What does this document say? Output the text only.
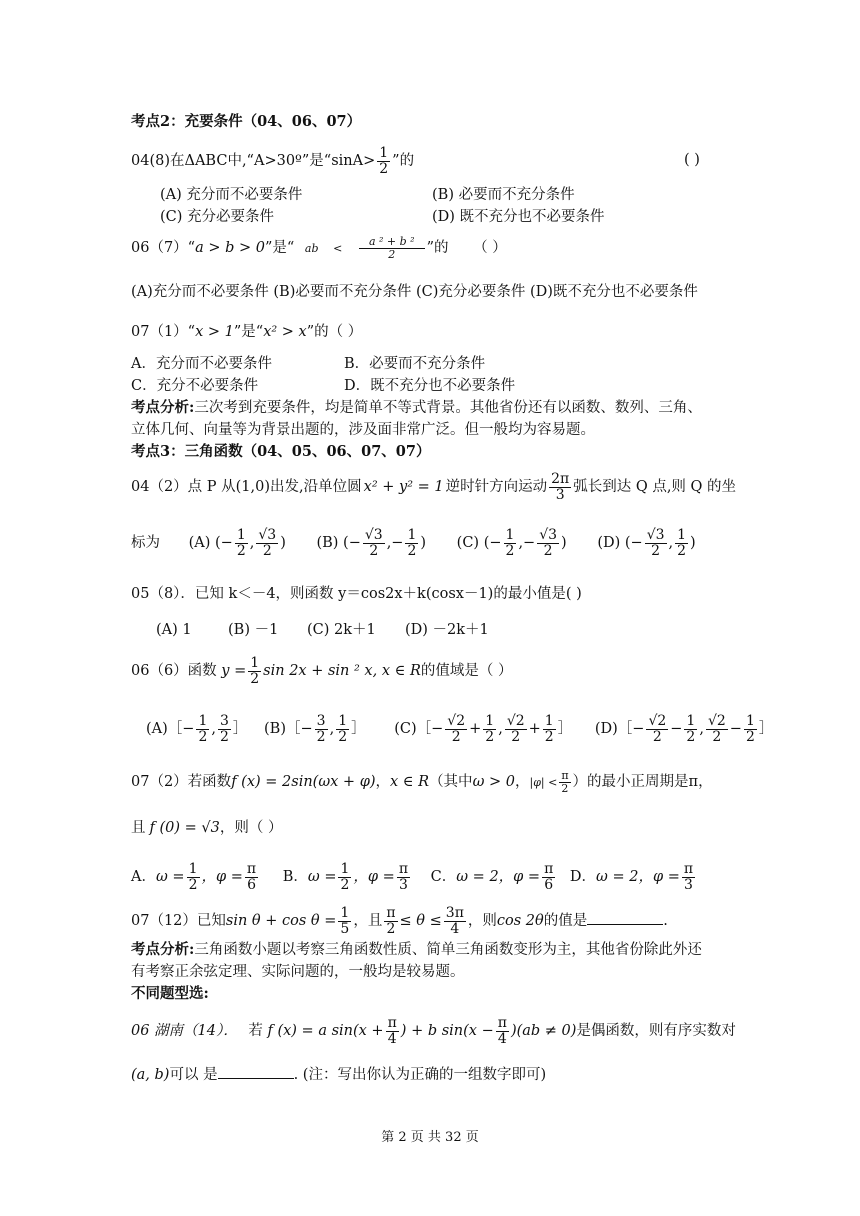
考点2：充要条件（04、06、07）
04(8)在ΔABC中,“A>30º”是“$\sin A> \frac{1}{2}$ ”的	( )
(A) 充分而不必要条件	(B) 必要而不充分条件
(C) 充分必要条件	(D) 既不充分也不必要条件
06（7）“a > b > 0”是“ ab < $\frac{\text{a ² + b ²}}{2}$ ”的 （ ）
(A)充分而不必要条件 (B)必要而不充分条件 (C)充分必要条件 (D)既不充分也不必要条件
07（1）“x > 1”是“x² > x”的（ ）
A．充分而不必要条件	B．必要而不充分条件
C．充分不必要条件	D．既不充分也不必要条件
考点分析:三次考到充要条件，均是简单不等式背景。其他省份还有以函数、数列、三角、
立体几何、向量等为背景出题的，涉及面非常广泛。但一般均为容易题。
考点3：三角函数（04、05、06、07、07）
04（2）点 P 从(1,0)出发,沿单位圆 x² + y² = 1 逆时针方向运动 $\frac{2\pi}{3}$ 弧长到达 Q 点,则 Q 的坐
标为 (A) (− $\frac{1}{2}$ , $\frac{√3}{2}$ ) (B) (− $\frac{√3}{2}$ ,− $\frac{1}{2}$ ) (C) (− $\frac{1}{2}$ ,− $\frac{√3}{2}$ ) (D) (− $\frac{√3}{2}$ , $\frac{1}{2}$ )
05（8）．已知 k＜－4，则函数 y＝cos2x＋k(cosx－1)的最小值是( )
(A) 1	(B) －1 (C) 2k＋1 (D) －2k＋1
06（6）函数 $y = \frac{1}{2}$ sin 2x + sin ² x, x ∈ R的值域是（ ）
(A)［− $\frac{1}{2}$ , $\frac{3}{2}$ ］ (B)［− $\frac{3}{2}$ , $\frac{1}{2}$ ］ (C)［− $\frac{√2}{2} + \frac{1}{2}$ , $\frac{√2}{2} + \frac{1}{2}$ ］ (D)［− $\frac{√2}{2} - \frac{1}{2}$ , $\frac{√2}{2} - \frac{1}{2}$ ］
07（2）若函数f (x) = 2sin(ωx + φ)，x ∈ R（其中ω > 0，$|\varphi| < \frac{\pi}{2}$ ）的最小正周期是π，
且 f (0) = √3，则（ ）
A．$\omega = \frac{1}{2}$ ，$\varphi = \frac{\pi}{6}$ B．$\omega = \frac{1}{2}$ ，$\varphi = \frac{\pi}{3}$ C．ω = 2，$\varphi = \frac{\pi}{6}$ D．ω = 2，$\varphi = \frac{\pi}{3}$
07（12）已知$\sin \theta + \cos \theta = \frac{1}{5}$ ，且 $\frac{\pi}{2} \le \theta \le \frac{3\pi}{4}$ ，则cos 2θ的值是	.
考点分析:三角函数小题以考察三角函数性质、简单三角函数变形为主，其他省份除此外还
有考察正余弦定理、实际问题的，一般均是较易题。
不同题型选:
06 湖南（14）． 若 f (x) = a $\sin(x + \frac{\pi}{4}$ ) + b $\sin(x - \frac{\pi}{4} )(ab \ne 0)$是偶函数，则有序实数对
(a, b)可以 是	. (注：写出你认为正确的一组数字即可)
第 2 页 共 32 页
